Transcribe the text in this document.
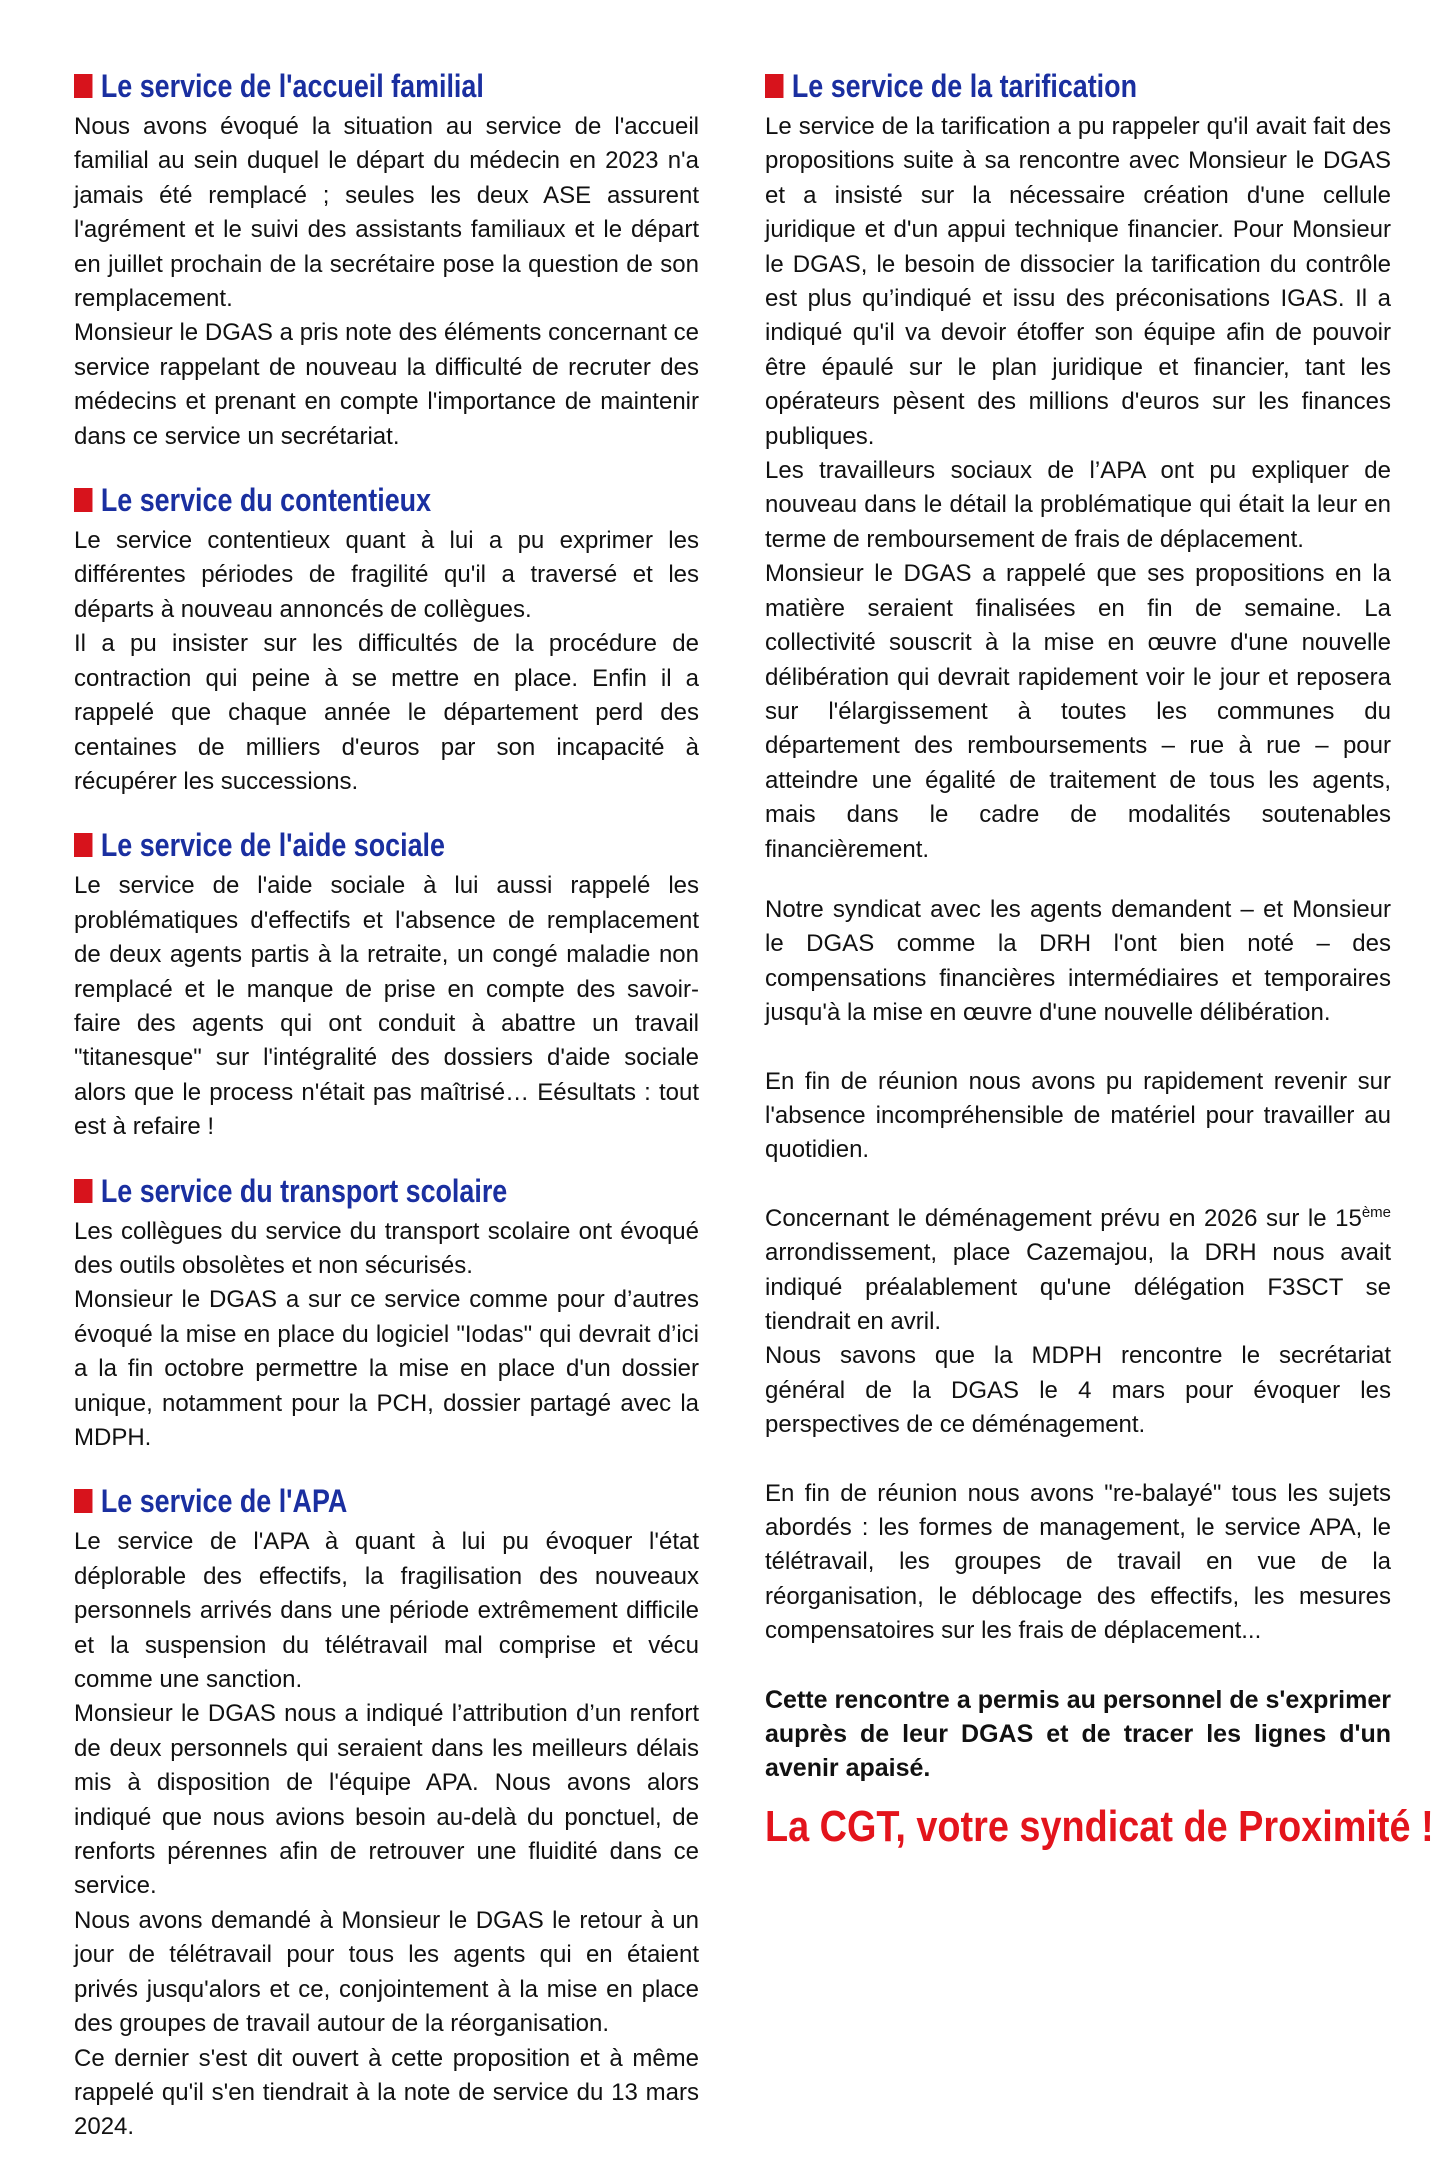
Le service de l'accueil familial

Nous avons évoqué la situation au service de l'accueil familial au sein duquel le départ du médecin en 2023 n'a jamais été remplacé ; seules les deux ASE assurent l'agrément et le suivi des assistants familiaux et le départ en juillet prochain de la secrétaire pose la question de son remplacement.

Monsieur le DGAS a pris note des éléments concernant ce service rappelant de nouveau la difficulté de recruter des médecins et prenant en compte l'importance de maintenir dans ce service un secrétariat.

Le service du contentieux

Le service contentieux quant à lui a pu exprimer les différentes périodes de fragilité qu'il a traversé et les départs à nouveau annoncés de collègues.

Il a pu insister sur les difficultés de la procédure de contraction qui peine à se mettre en place. Enfin il a rappelé que chaque année le département perd des centaines de milliers d'euros par son incapacité à récupérer les successions.

Le service de l'aide sociale

Le service de l'aide sociale à lui aussi rappelé les problématiques d'effectifs et l'absence de remplacement de deux agents partis à la retraite, un congé maladie non remplacé et le manque de prise en compte des savoir-faire des agents qui ont conduit à abattre un travail "titanesque" sur l'intégralité des dossiers d'aide sociale alors que le process n'était pas maîtrisé… Eésultats : tout est à refaire !

Le service du transport scolaire

Les collègues du service du transport scolaire ont évoqué des outils obsolètes et non sécurisés.

Monsieur le DGAS a sur ce service comme pour d’autres évoqué la mise en place du logiciel "Iodas" qui devrait d’ici a la fin octobre permettre la mise en place d'un dossier unique, notamment pour la PCH, dossier partagé avec la MDPH.

Le service de l'APA

Le service de l'APA à quant à lui pu évoquer l'état déplorable des effectifs, la fragilisation des nouveaux personnels arrivés dans une période extrêmement difficile et la suspension du télétravail mal comprise et vécu comme une sanction.

Monsieur le DGAS nous a indiqué l’attribution d’un renfort de deux personnels qui seraient dans les meilleurs délais mis à disposition de l'équipe APA. Nous avons alors indiqué que nous avions besoin au-delà du ponctuel, de renforts pérennes afin de retrouver une fluidité dans ce service.

Nous avons demandé à Monsieur le DGAS le retour à un jour de télétravail pour tous les agents qui en étaient privés jusqu'alors et ce, conjointement à la mise en place des groupes de travail autour de la réorganisation.

Ce dernier s'est dit ouvert à cette proposition et à même rappelé qu'il s'en tiendrait à la note de service du 13 mars 2024.

Le service de la tarification

Le service de la tarification a pu rappeler qu'il avait fait des propositions suite à sa rencontre avec Monsieur le DGAS et a insisté sur la nécessaire création d'une cellule juridique et d'un appui technique financier. Pour Monsieur le DGAS, le besoin de dissocier la tarification du contrôle est plus qu’indiqué et issu des préconisations IGAS. Il a indiqué qu'il va devoir étoffer son équipe afin de pouvoir être épaulé sur le plan juridique et financier, tant les opérateurs pèsent des millions d'euros sur les finances publiques.

Les travailleurs sociaux de l’APA ont pu expliquer de nouveau dans le détail la problématique qui était la leur en terme de remboursement de frais de déplacement.

Monsieur le DGAS a rappelé que ses propositions en la matière seraient finalisées en fin de semaine. La collectivité souscrit à la mise en œuvre d'une nouvelle délibération qui devrait rapidement voir le jour et reposera sur l'élargissement à toutes les communes du département des remboursements – rue à rue – pour atteindre une égalité de traitement de tous les agents, mais dans le cadre de modalités soutenables financièrement.

Notre syndicat avec les agents demandent – et Monsieur le DGAS comme la DRH l'ont bien noté – des compensations financières intermédiaires et temporaires jusqu'à la mise en œuvre d'une nouvelle délibération.

En fin de réunion nous avons pu rapidement revenir sur l'absence incompréhensible de matériel pour travailler au quotidien.

Concernant le déménagement prévu en 2026 sur le 15ème arrondissement, place Cazemajou, la DRH nous avait indiqué préalablement qu'une délégation F3SCT se tiendrait en avril.

Nous savons que la MDPH rencontre le secrétariat général de la DGAS le 4 mars pour évoquer les perspectives de ce déménagement.

En fin de réunion nous avons "re-balayé" tous les sujets abordés : les formes de management, le service APA, le télétravail, les groupes de travail en vue de la réorganisation, le déblocage des effectifs, les mesures compensatoires sur les frais de déplacement...

Cette rencontre a permis au personnel de s'exprimer auprès de leur DGAS et de tracer les lignes d'un avenir apaisé.

La CGT, votre syndicat de Proximité !
